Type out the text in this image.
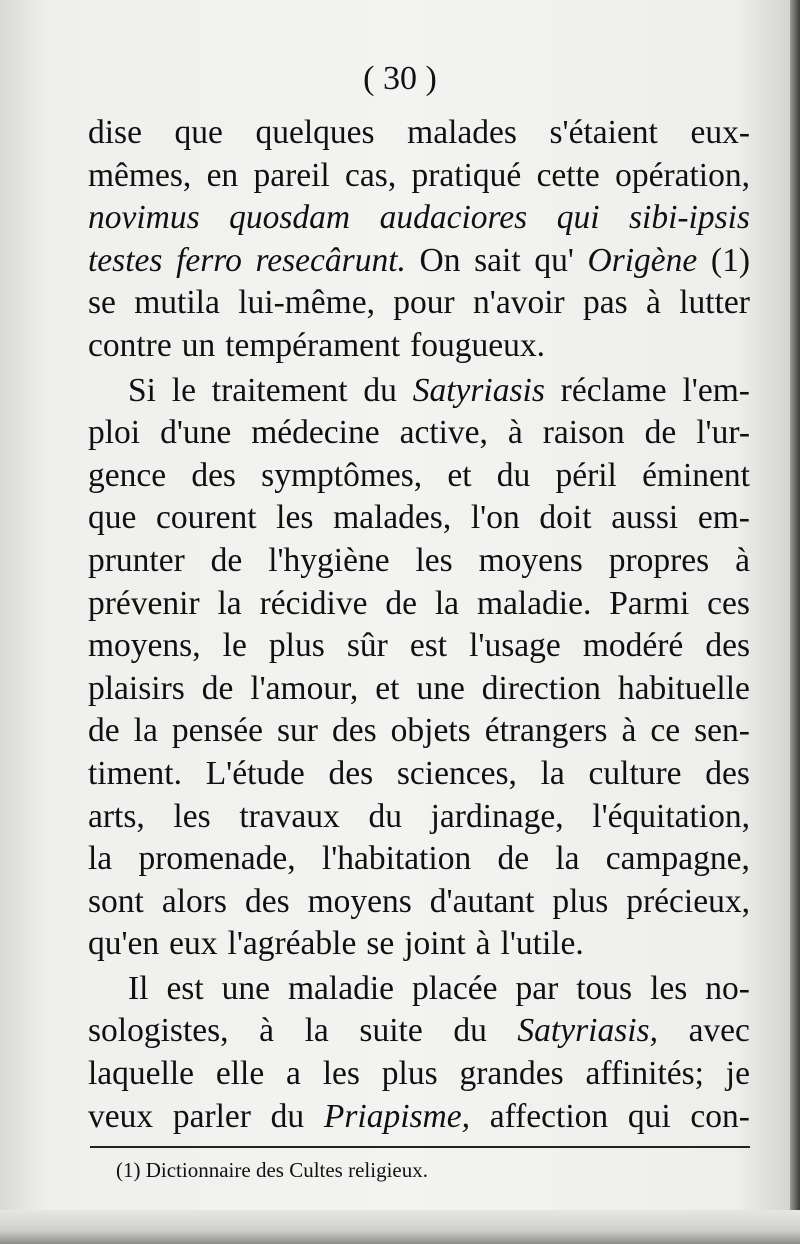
( 30 )
dise que quelques malades s'étaient eux-
mêmes, en pareil cas, pratiqué cette opération,
novimus quosdam audaciores qui sibi-ipsis
testes ferro resecârunt. On sait qu' Origène (1)
se mutila lui-même, pour n'avoir pas à lutter
contre un tempérament fougueux.
Si le traitement du Satyriasis réclame l'em-
ploi d'une médecine active, à raison de l'ur-
gence des symptômes, et du péril éminent
que courent les malades, l'on doit aussi em-
prunter de l'hygiène les moyens propres à
prévenir la récidive de la maladie. Parmi ces
moyens, le plus sûr est l'usage modéré des
plaisirs de l'amour, et une direction habituelle
de la pensée sur des objets étrangers à ce sen-
timent. L'étude des sciences, la culture des
arts, les travaux du jardinage, l'équitation,
la promenade, l'habitation de la campagne,
sont alors des moyens d'autant plus précieux,
qu'en eux l'agréable se joint à l'utile.
Il est une maladie placée par tous les no-
sologistes, à la suite du Satyriasis, avec
laquelle elle a les plus grandes affinités; je
veux parler du Priapisme, affection qui con-
(1) Dictionnaire des Cultes religieux.
